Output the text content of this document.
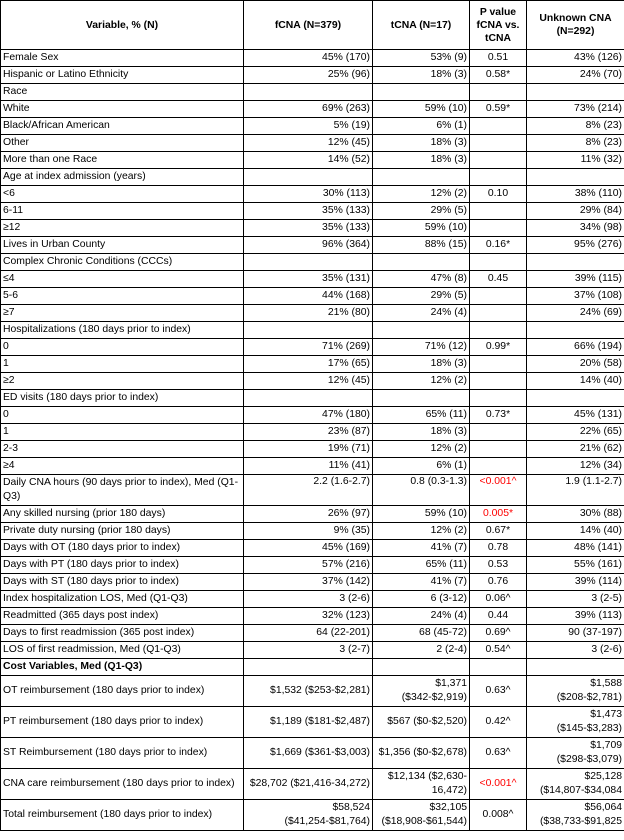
Variable, % (N)	fCNA (N=379)	tCNA (N=17)	P value fCNA vs. tCNA	Unknown CNA (N=292)
Female Sex	45% (170)	53% (9)	0.51	43% (126)
Hispanic or Latino Ethnicity	25% (96)	18% (3)	0.58*	24% (70)
Race				
White	69% (263)	59% (10)	0.59*	73% (214)
Black/African American	5% (19)	6% (1)		8% (23)
Other	12% (45)	18% (3)		8% (23)
More than one Race	14% (52)	18% (3)		11% (32)
Age at index admission (years)				
<6	30% (113)	12% (2)	0.10	38% (110)
6-11	35% (133)	29% (5)		29% (84)
≥12	35% (133)	59% (10)		34% (98)
Lives in Urban County	96% (364)	88% (15)	0.16*	95% (276)
Complex Chronic Conditions (CCCs)				
≤4	35% (131)	47% (8)	0.45	39% (115)
5-6	44% (168)	29% (5)		37% (108)
≥7	21% (80)	24% (4)		24% (69)
Hospitalizations (180 days prior to index)				
0	71% (269)	71% (12)	0.99*	66% (194)
1	17% (65)	18% (3)		20% (58)
≥2	12% (45)	12% (2)		14% (40)
ED visits (180 days prior to index)				
0	47% (180)	65% (11)	0.73*	45% (131)
1	23% (87)	18% (3)		22% (65)
2-3	19% (71)	12% (2)		21% (62)
≥4	11% (41)	6% (1)		12% (34)
Daily CNA hours (90 days prior to index), Med (Q1-Q3)	2.2 (1.6-2.7)	0.8 (0.3-1.3)	<0.001^	1.9 (1.1-2.7)
Any skilled nursing (prior 180 days)	26% (97)	59% (10)	0.005*	30% (88)
Private duty nursing (prior 180 days)	9% (35)	12% (2)	0.67*	14% (40)
Days with OT (180 days prior to index)	45% (169)	41% (7)	0.78	48% (141)
Days with PT (180 days prior to index)	57% (216)	65% (11)	0.53	55% (161)
Days with ST (180 days prior to index)	37% (142)	41% (7)	0.76	39% (114)
Index hospitalization LOS, Med (Q1-Q3)	3 (2-6)	6 (3-12)	0.06^	3 (2-5)
Readmitted (365 days post index)	32% (123)	24% (4)	0.44	39% (113)
Days to first readmission (365 post index)	64 (22-201)	68 (45-72)	0.69^	90 (37-197)
LOS of first readmission, Med (Q1-Q3)	3 (2-7)	2 (2-4)	0.54^	3 (2-6)
Cost Variables, Med (Q1-Q3)				
OT reimbursement (180 days prior to index)	$1,532 ($253-$2,281)	$1,371 ($342-$2,919)	0.63^	$1,588 ($208-$2,781)
PT reimbursement (180 days prior to index)	$1,189 ($181-$2,487)	$567 ($0-$2,520)	0.42^	$1,473 ($145-$3,283)
ST Reimbursement (180 days prior to index)	$1,669 ($361-$3,003)	$1,356 ($0-$2,678)	0.63^	$1,709 ($298-$3,079)
CNA care reimbursement (180 days prior to index)	$28,702 ($21,416-34,272)	$12,134 ($2,630-16,472)	<0.001^	$25,128 ($14,807-$34,084
Total reimbursement (180 days prior to index)	$58,524 ($41,254-$81,764)	$32,105 ($18,908-$61,544)	0.008^	$56,064 ($38,733-$91,825
